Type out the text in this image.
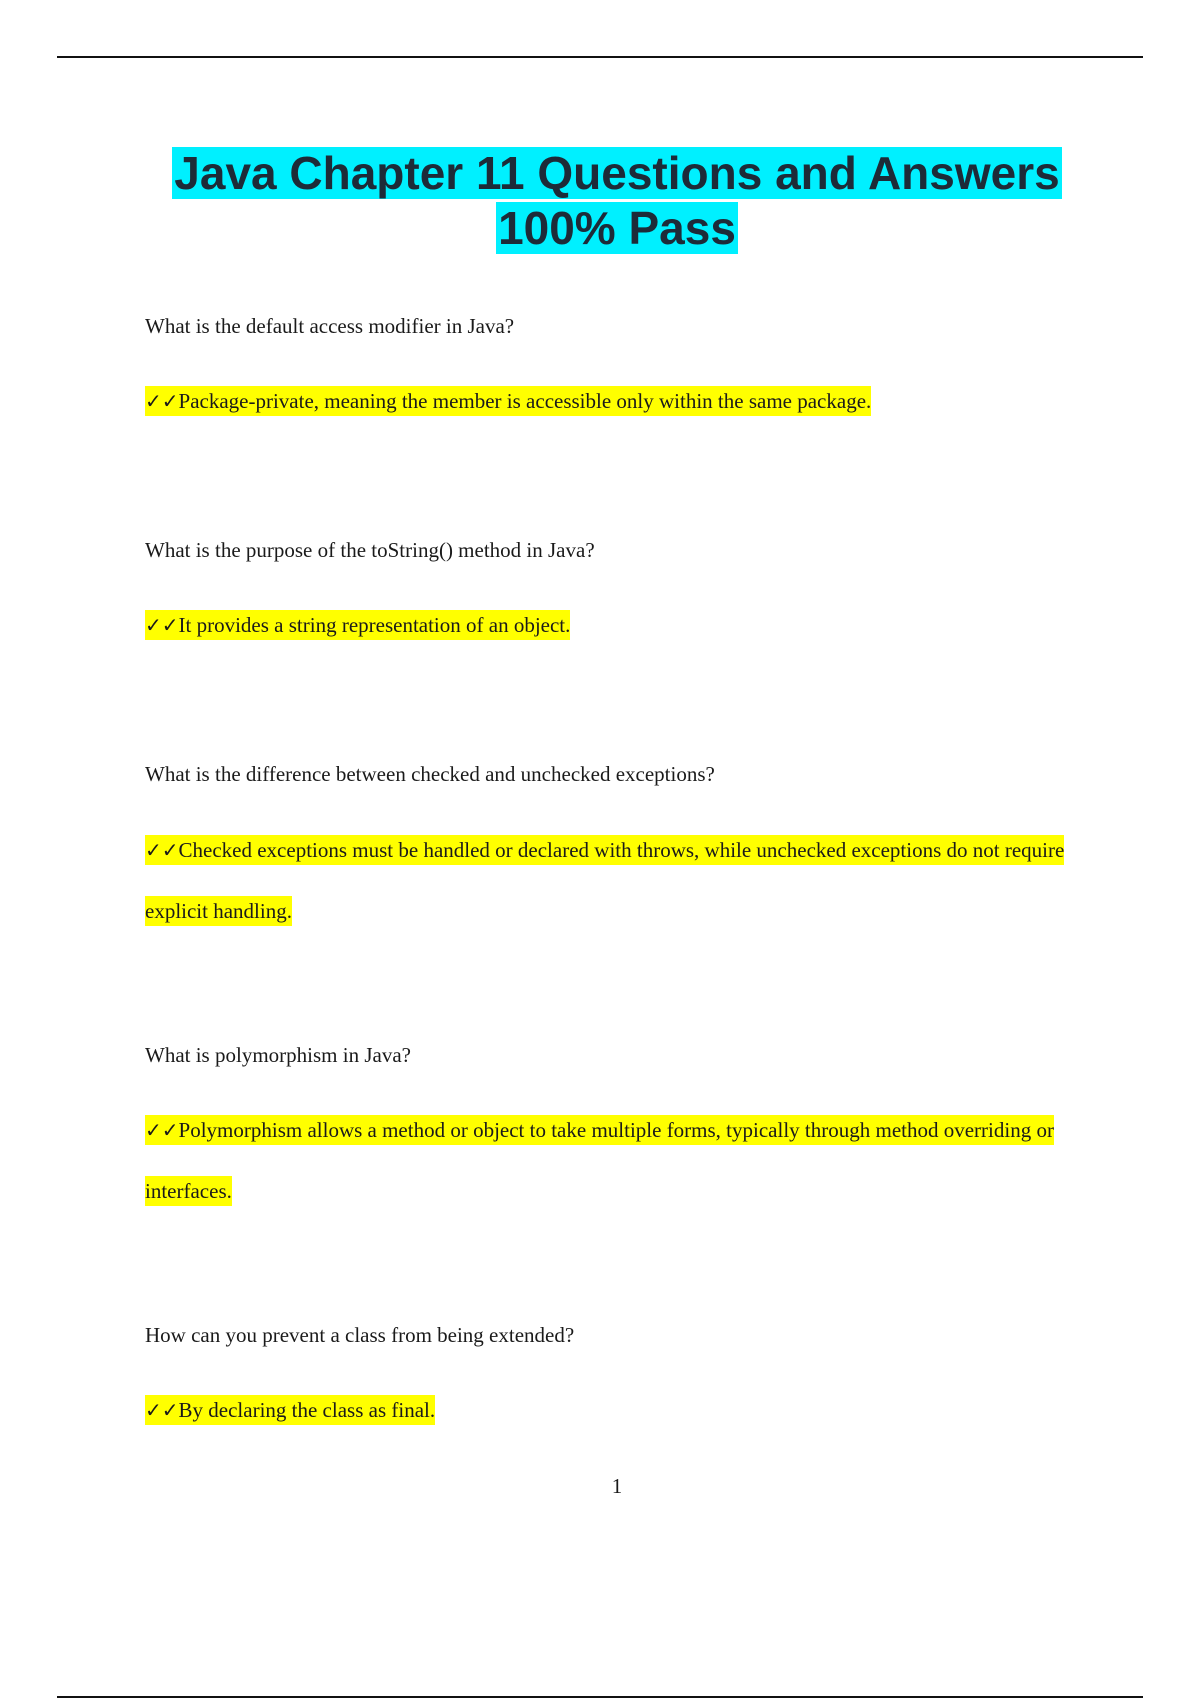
Java Chapter 11 Questions and Answers
100% Pass
What is the default access modifier in Java?
✓✓Package-private, meaning the member is accessible only within the same package.
What is the purpose of the toString() method in Java?
✓✓It provides a string representation of an object.
What is the difference between checked and unchecked exceptions?
✓✓Checked exceptions must be handled or declared with throws, while unchecked exceptions do not require explicit handling.
What is polymorphism in Java?
✓✓Polymorphism allows a method or object to take multiple forms, typically through method overriding or interfaces.
How can you prevent a class from being extended?
✓✓By declaring the class as final.
1
